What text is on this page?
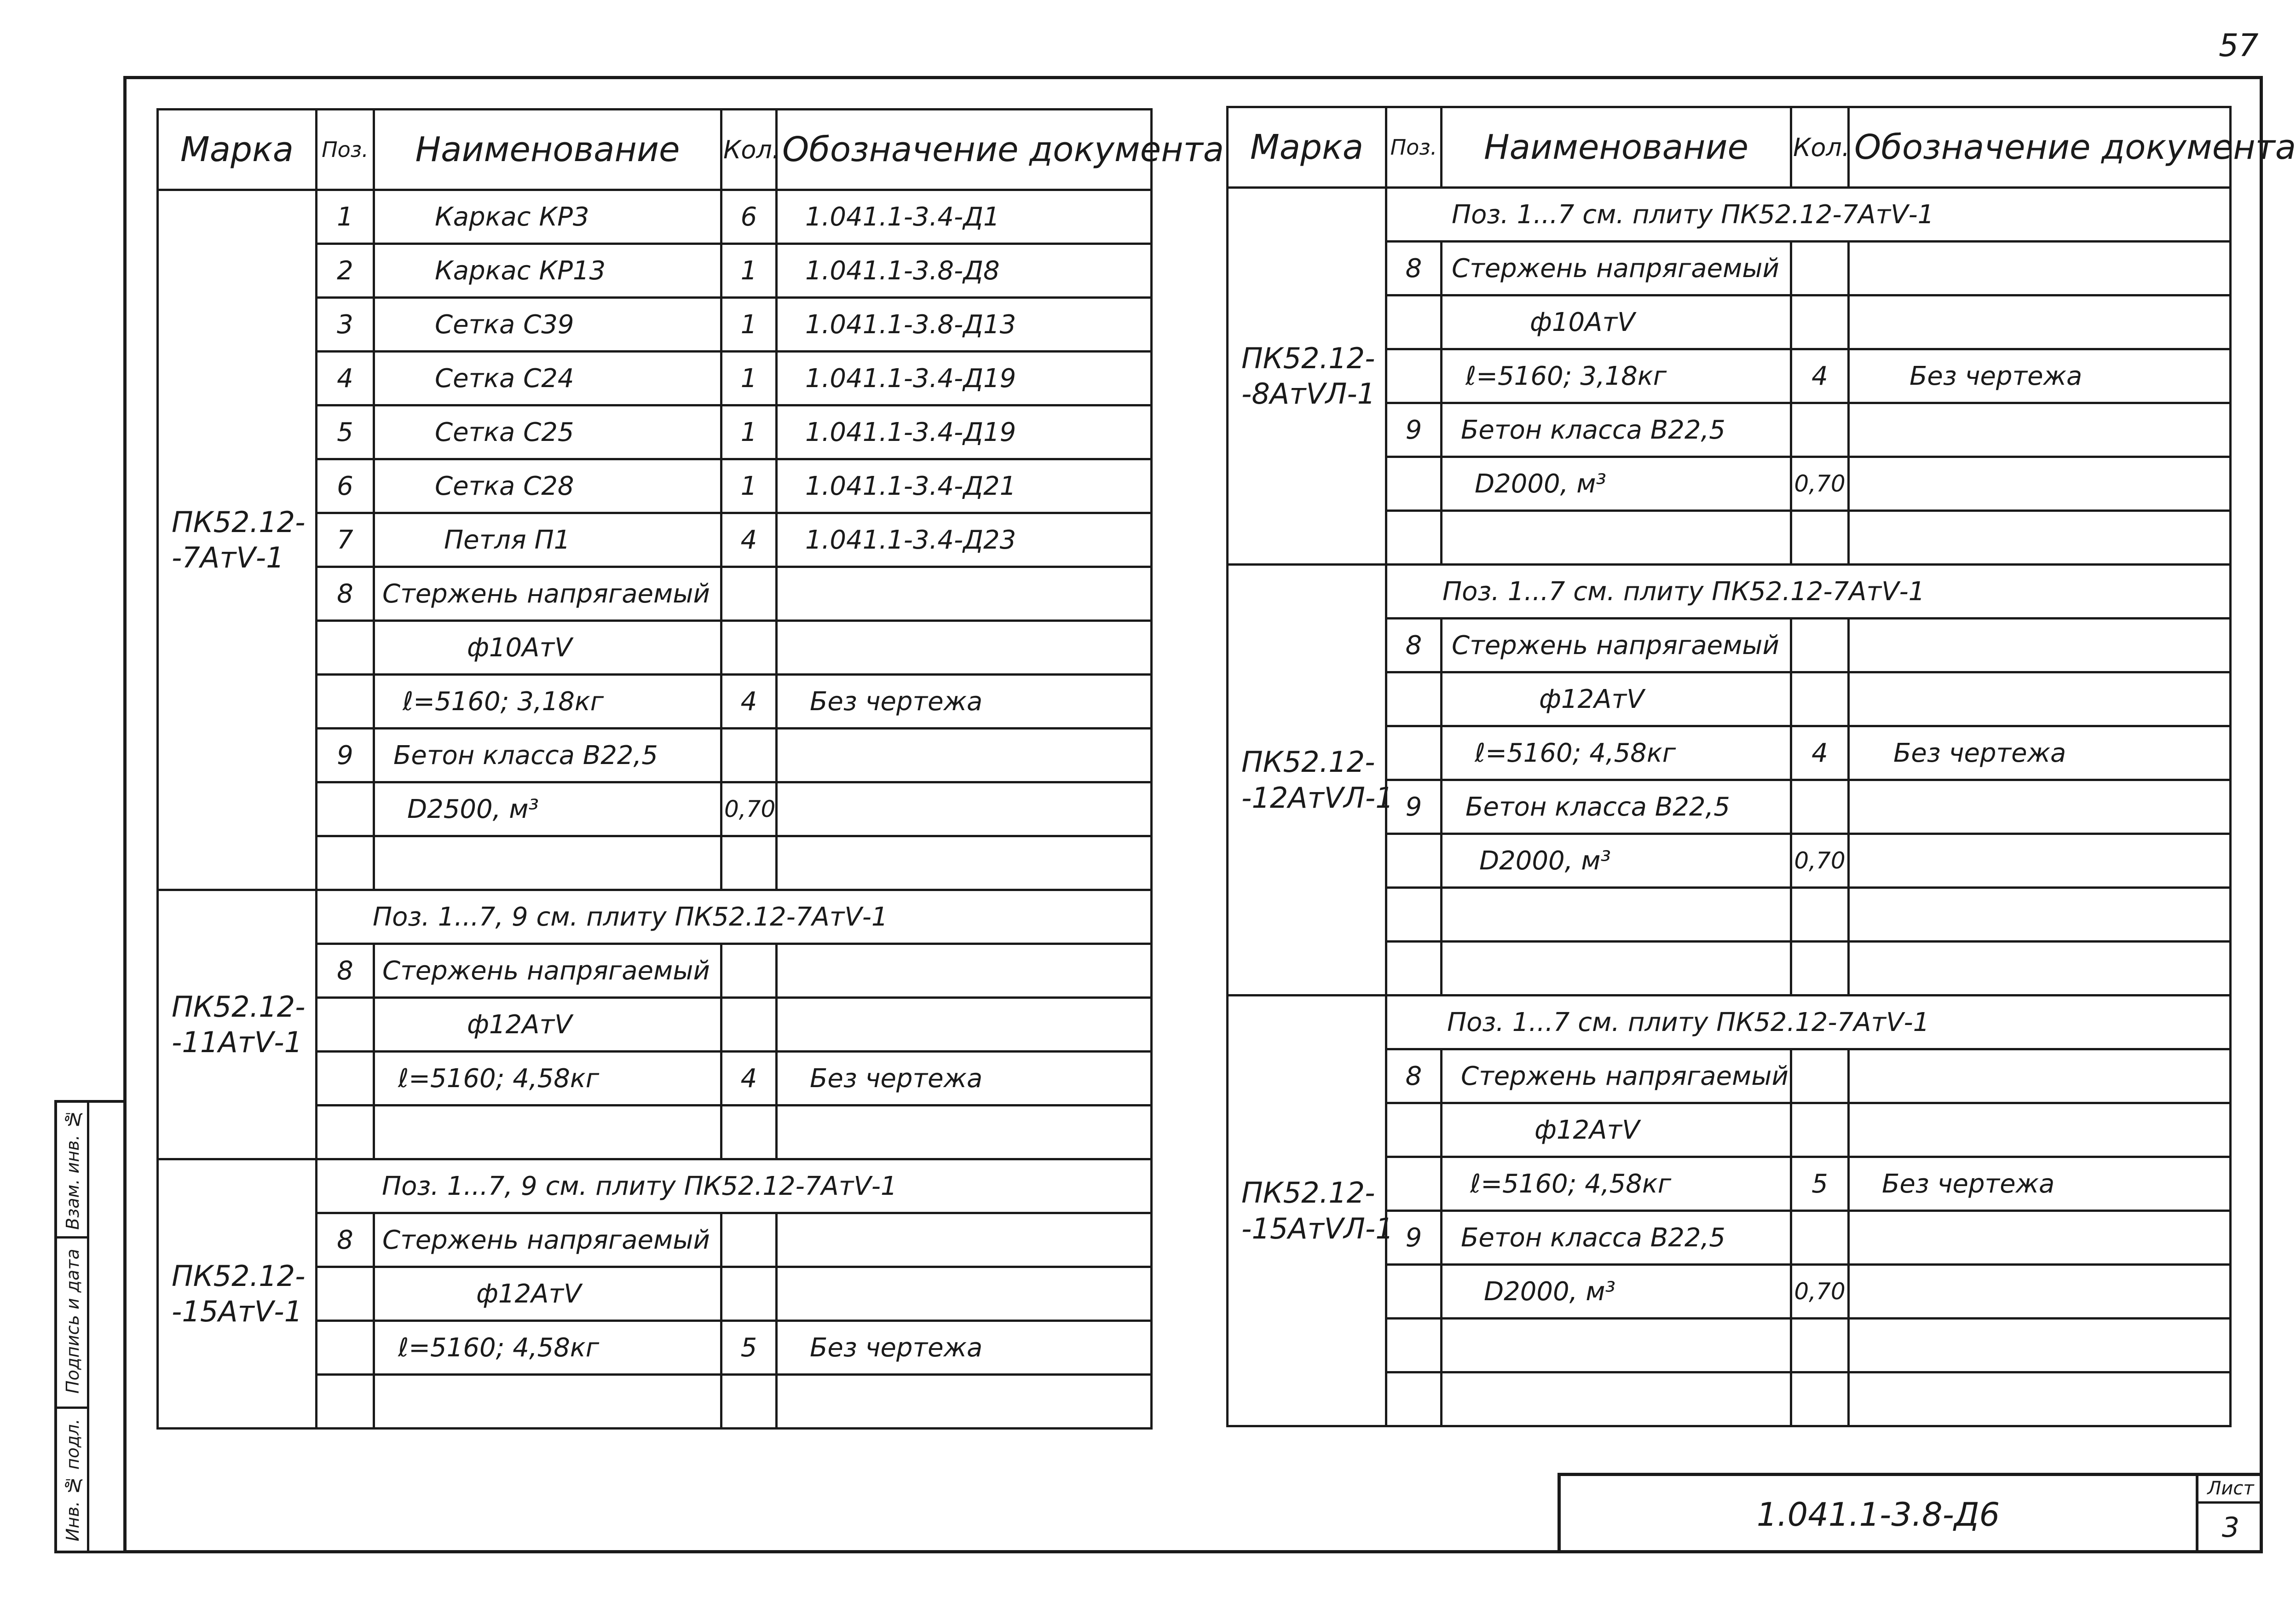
57
Инв. № подл.
Подпись и дата
Взам. инв. №
Марка	Поз.	Наименование	Кол.	Обозначение документа
ПК52.12-
-7АтⅤ-1	1	Каркас КР3	6	1.041.1-3.4-Д1
	2	Каркас КР13	1	1.041.1-3.8-Д8
	3	Сетка С39	1	1.041.1-3.8-Д13
	4	Сетка С24	1	1.041.1-3.4-Д19
	5	Сетка С25	1	1.041.1-3.4-Д19
	6	Сетка С28	1	1.041.1-3.4-Д21
	7	Петля П1	4	1.041.1-3.4-Д23
	8	Стержень напрягаемый		
		ф10АтⅤ		
		ℓ=5160; 3,18кг	4	Без чертежа
	9	Бетон класса В22,5		
		D2500, м³	0,70	

ПК52.12-
-11АтⅤ-1	Поз. 1...7, 9 см. плиту ПК52.12-7АтⅤ-1			
	8	Стержень напрягаемый		
		ф12АтⅤ		
		ℓ=5160; 4,58кг	4	Без чертежа

ПК52.12-
-15АтⅤ-1	Поз. 1...7, 9 см. плиту ПК52.12-7АтⅤ-1			
	8	Стержень напрягаемый		
		ф12АтⅤ		
		ℓ=5160; 4,58кг	5	Без чертежа

Марка	Поз.	Наименование	Кол.	Обозначение документа
ПК52.12-
-8АтⅤЛ-1	Поз. 1...7 см. плиту ПК52.12-7АтⅤ-1			
	8	Стержень напрягаемый		
		ф10АтⅤ		
		ℓ=5160; 3,18кг	4	Без чертежа
	9	Бетон класса В22,5		
		D2000, м³	0,70	

ПК52.12-
-12АтⅤЛ-1	Поз. 1...7 см. плиту ПК52.12-7АтⅤ-1			
	8	Стержень напрягаемый		
		ф12АтⅤ		
		ℓ=5160; 4,58кг	4	Без чертежа
	9	Бетон класса В22,5		
		D2000, м³	0,70	

ПК52.12-
-15АтⅤЛ-1	Поз. 1...7 см. плиту ПК52.12-7АтⅤ-1			
	8	Стержень напрягаемый		
		ф12АтⅤ		
		ℓ=5160; 4,58кг	5	Без чертежа
	9	Бетон класса В22,5		
		D2000, м³	0,70	

1.041.1-3.8-Д6
Лист
3
